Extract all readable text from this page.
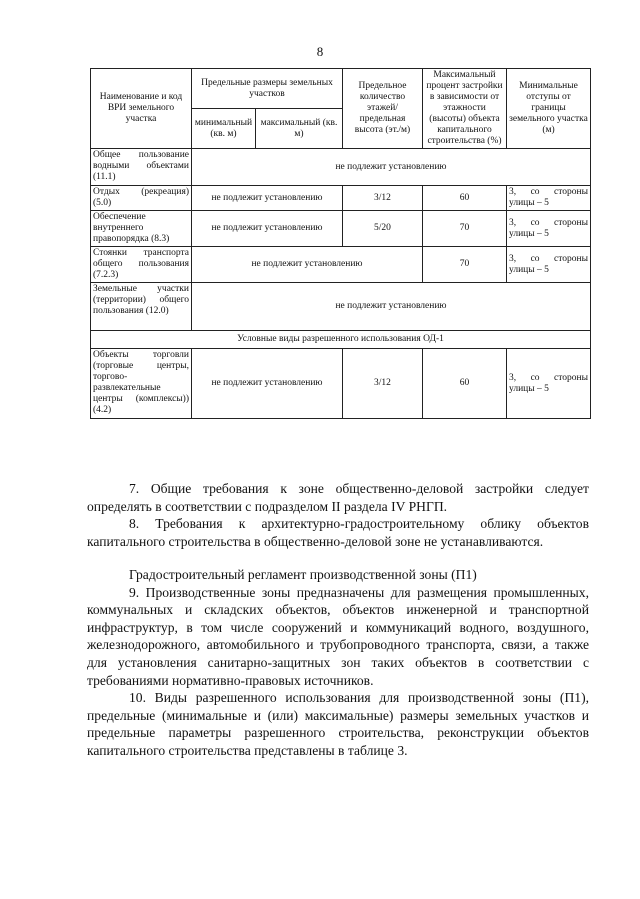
8
Наименование и код ВРИ земельного участка	Предельные размеры земельных участков		Предельное количество этажей/предельная высота (эт./м)	Максимальный процент застройки в зависимости от этажности (высоты) объекта капитального строительства (%)	Минимальные отступы от границы земельного участка (м)
	минимальный (кв. м)	максимальный (кв. м)			
Общее пользование водными объектами (11.1)	не подлежит установлению				
Отдых (рекреация) (5.0)	не подлежит установлению		3/12	60	3, со стороны улицы – 5
Обеспечение внутреннего правопорядка (8.3)	не подлежит установлению		5/20	70	3, со стороны улицы – 5
Стоянки транспорта общего пользования (7.2.3)	не подлежит установлению			70	3, со стороны улицы – 5
Земельные участки (территории) общего пользования (12.0)	не подлежит установлению				
Условные виды разрешенного использования ОД-1					
Объекты торговли (торговые центры, торгово-развлекательные центры (комплексы)) (4.2)	не подлежит установлению		3/12	60	3, со стороны улицы – 5

7. Общие требования к зоне общественно-деловой застройки следует определять в соответствии с подразделом II раздела IV РНГП.

8. Требования к архитектурно-градостроительному облику объектов капитального строительства в общественно-деловой зоне не устанавливаются.

Градостроительный регламент производственной зоны (П1)

9. Производственные зоны предназначены для размещения промышленных, коммунальных и складских объектов, объектов инженерной и транспортной инфраструктур, в том числе сооружений и коммуникаций водного, воздушного, железнодорожного, автомобильного и трубопроводного транспорта, связи, а также для установления санитарно-защитных зон таких объектов в соответствии с требованиями нормативно-правовых источников.

10. Виды разрешенного использования для производственной зоны (П1), предельные (минимальные и (или) максимальные) размеры земельных участков и предельные параметры разрешенного строительства, реконструкции объектов капитального строительства представлены в таблице 3.
